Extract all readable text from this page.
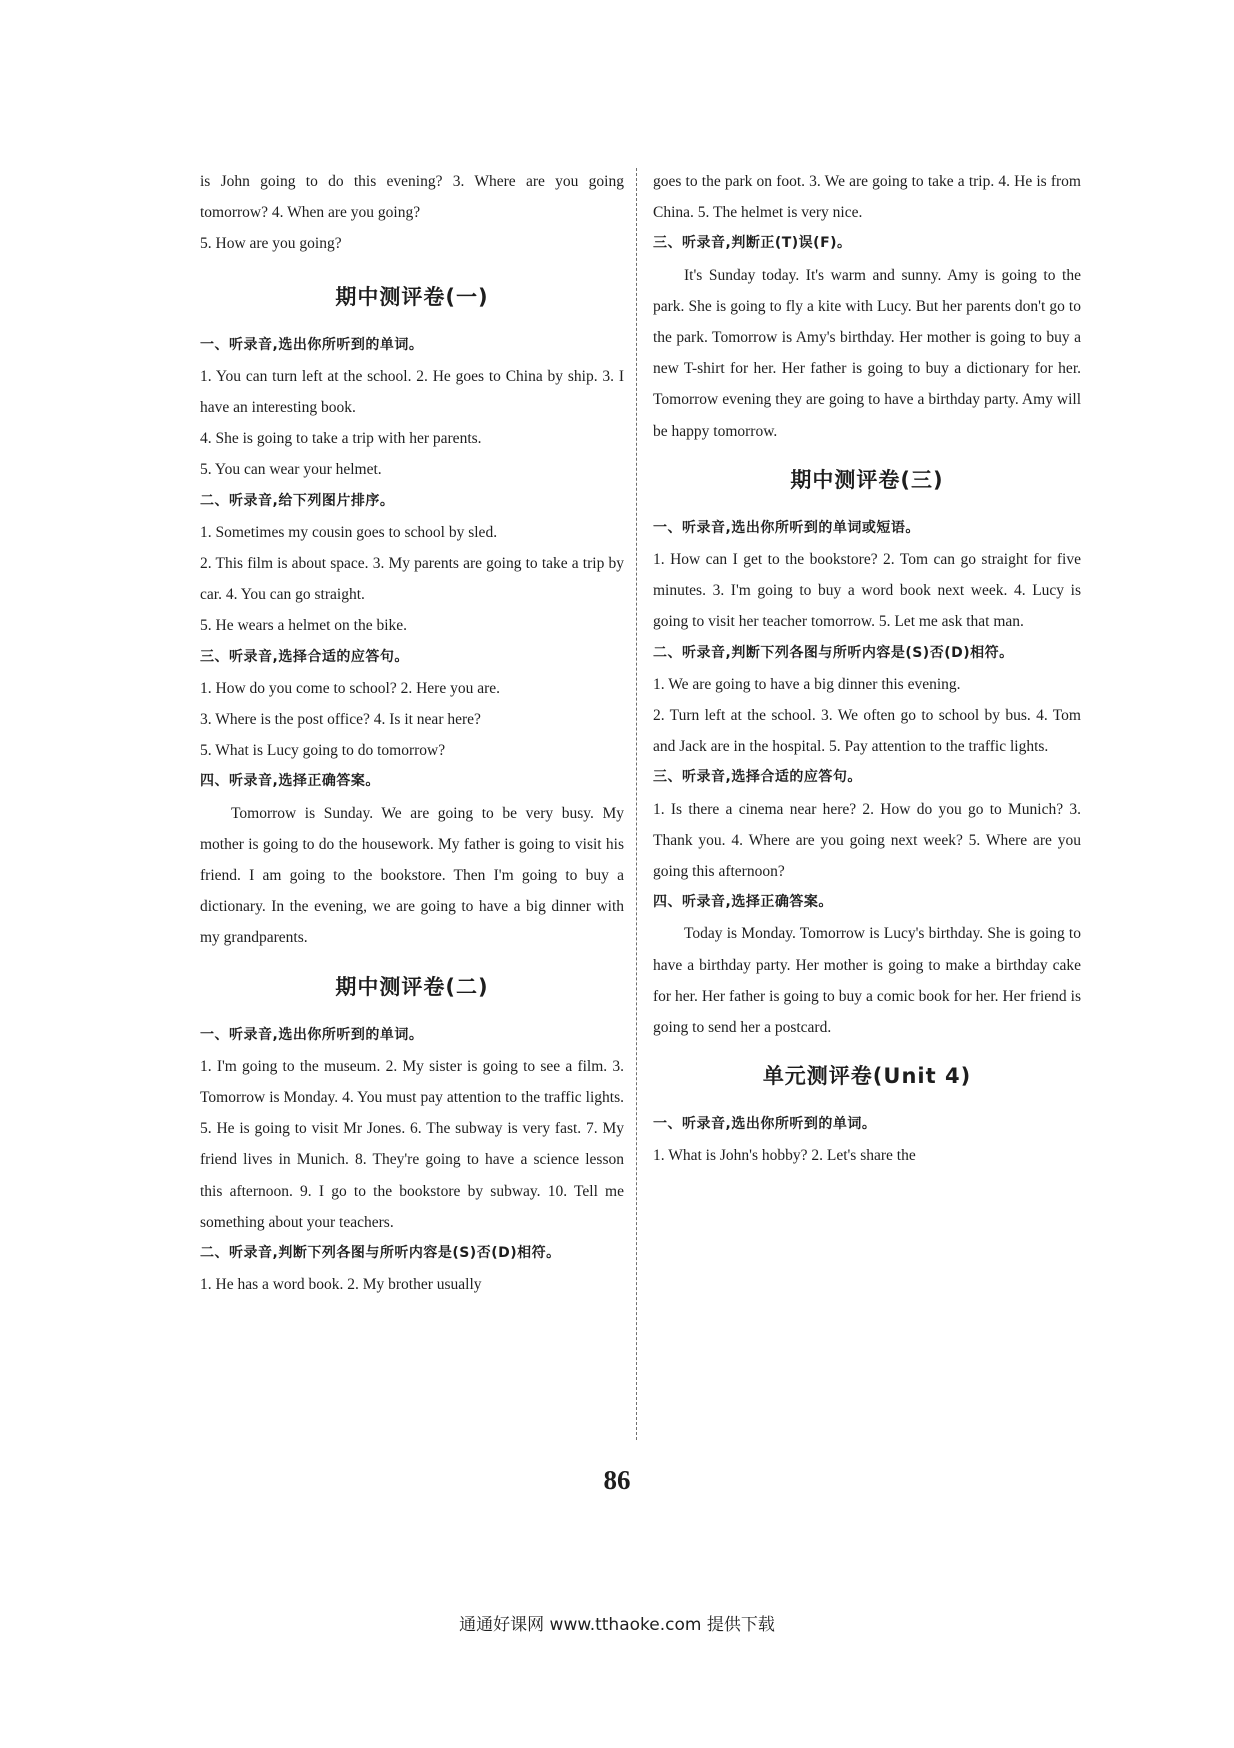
is John going to do this evening? 3. Where are you going tomorrow? 4. When are you going?

5. How are you going?

期中测评卷(一)

一、听录音,选出你所听到的单词。

1. You can turn left at the school. 2. He goes to China by ship. 3. I have an interesting book.

4. She is going to take a trip with her parents.

5. You can wear your helmet.

二、听录音,给下列图片排序。

1. Sometimes my cousin goes to school by sled.

2. This film is about space. 3. My parents are going to take a trip by car. 4. You can go straight.

5. He wears a helmet on the bike.

三、听录音,选择合适的应答句。

1. How do you come to school? 2. Here you are.

3. Where is the post office? 4. Is it near here?

5. What is Lucy going to do tomorrow?

四、听录音,选择正确答案。

Tomorrow is Sunday. We are going to be very busy. My mother is going to do the housework. My father is going to visit his friend. I am going to the bookstore. Then I'm going to buy a dictionary. In the evening, we are going to have a big dinner with my grandparents.

期中测评卷(二)

一、听录音,选出你所听到的单词。

1. I'm going to the museum. 2. My sister is going to see a film. 3. Tomorrow is Monday. 4. You must pay attention to the traffic lights. 5. He is going to visit Mr Jones. 6. The subway is very fast. 7. My friend lives in Munich. 8. They're going to have a science lesson this afternoon. 9. I go to the bookstore by subway. 10. Tell me something about your teachers.

二、听录音,判断下列各图与所听内容是(S)否(D)相符。

1. He has a word book. 2. My brother usually

goes to the park on foot. 3. We are going to take a trip. 4. He is from China. 5. The helmet is very nice.

三、听录音,判断正(T)误(F)。

It's Sunday today. It's warm and sunny. Amy is going to the park. She is going to fly a kite with Lucy. But her parents don't go to the park. Tomorrow is Amy's birthday. Her mother is going to buy a new T-shirt for her. Her father is going to buy a dictionary for her. Tomorrow evening they are going to have a birthday party. Amy will be happy tomorrow.

期中测评卷(三)

一、听录音,选出你所听到的单词或短语。

1. How can I get to the bookstore? 2. Tom can go straight for five minutes. 3. I'm going to buy a word book next week. 4. Lucy is going to visit her teacher tomorrow. 5. Let me ask that man.

二、听录音,判断下列各图与所听内容是(S)否(D)相符。

1. We are going to have a big dinner this evening.

2. Turn left at the school. 3. We often go to school by bus. 4. Tom and Jack are in the hospital. 5. Pay attention to the traffic lights.

三、听录音,选择合适的应答句。

1. Is there a cinema near here? 2. How do you go to Munich? 3. Thank you. 4. Where are you going next week? 5. Where are you going this afternoon?

四、听录音,选择正确答案。

Today is Monday. Tomorrow is Lucy's birthday. She is going to have a birthday party. Her mother is going to make a birthday cake for her. Her father is going to buy a comic book for her. Her friend is going to send her a postcard.

单元测评卷(Unit 4)

一、听录音,选出你所听到的单词。

1. What is John's hobby? 2. Let's share the

86
通通好课网 www.tthaoke.com 提供下载
